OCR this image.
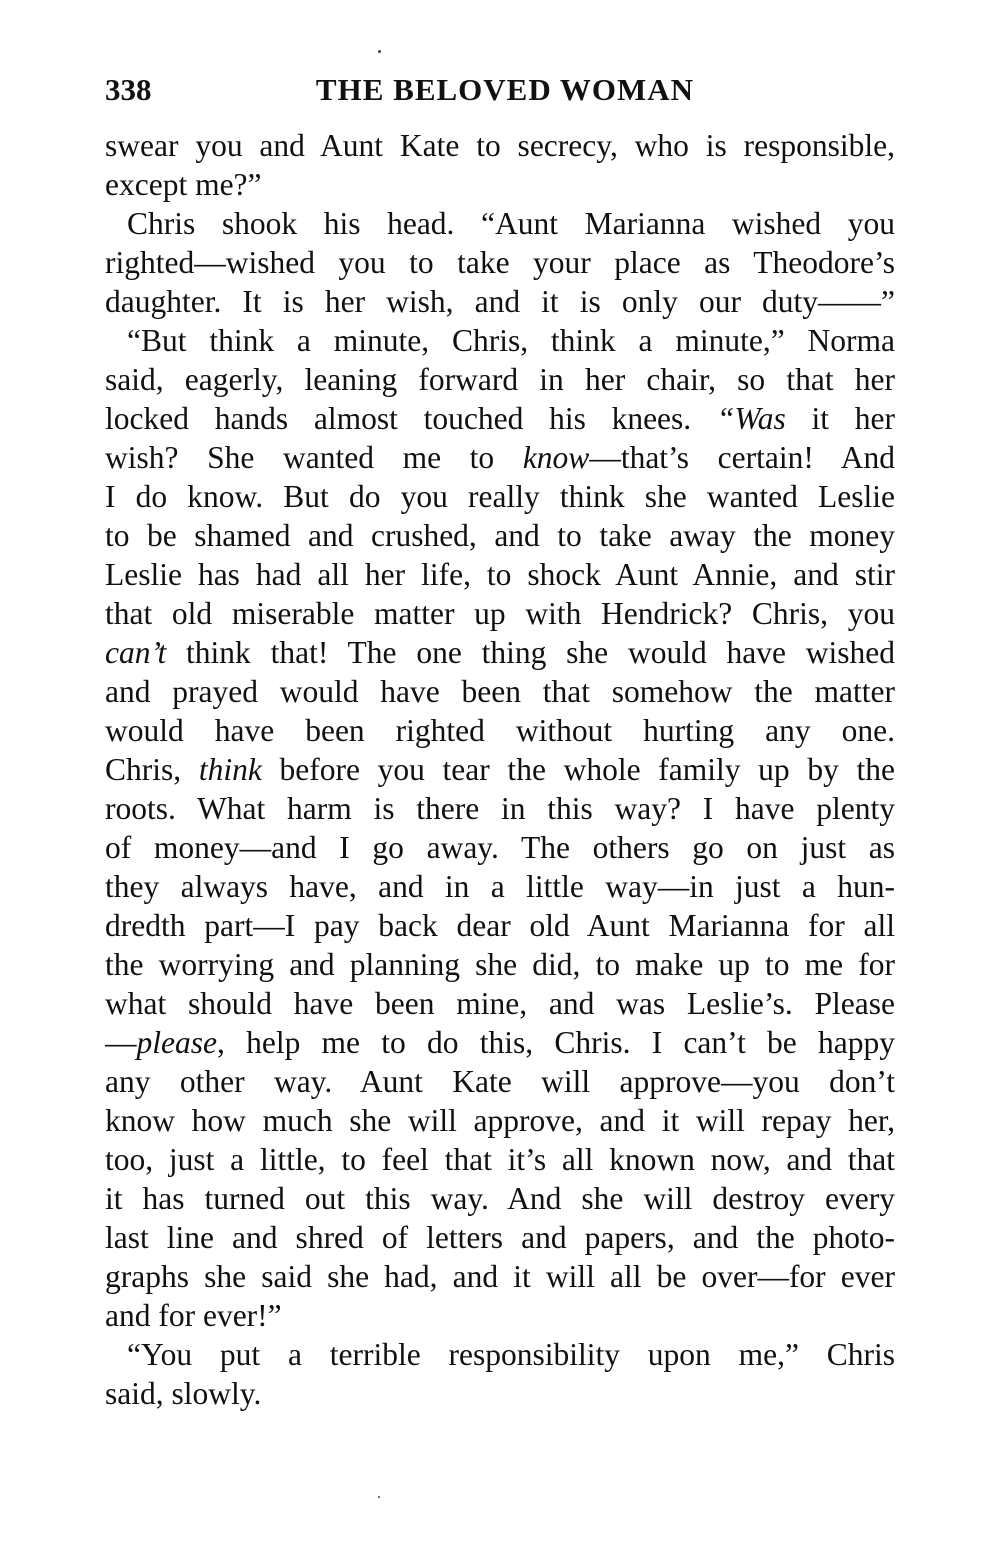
338	THE BELOVED WOMAN
swear you and Aunt Kate to secrecy, who is responsible,
except me?”
Chris shook his head. “Aunt Marianna wished you
righted—wished you to take your place as Theodore’s
daughter. It is her wish, and it is only our duty——”
“But think a minute, Chris, think a minute,” Norma
said, eagerly, leaning forward in her chair, so that her
locked hands almost touched his knees. “Was it her
wish? She wanted me to know—that’s certain! And
I do know. But do you really think she wanted Leslie
to be shamed and crushed, and to take away the money
Leslie has had all her life, to shock Aunt Annie, and stir
that old miserable matter up with Hendrick? Chris, you
can’t think that! The one thing she would have wished
and prayed would have been that somehow the matter
would have been righted without hurting any one.
Chris, think before you tear the whole family up by the
roots. What harm is there in this way? I have plenty
of money—and I go away. The others go on just as
they always have, and in a little way—in just a hun-
dredth part—I pay back dear old Aunt Marianna for all
the worrying and planning she did, to make up to me for
what should have been mine, and was Leslie’s. Please
—please, help me to do this, Chris. I can’t be happy
any other way. Aunt Kate will approve—you don’t
know how much she will approve, and it will repay her,
too, just a little, to feel that it’s all known now, and that
it has turned out this way. And she will destroy every
last line and shred of letters and papers, and the photo-
graphs she said she had, and it will all be over—for ever
and for ever!”
“You put a terrible responsibility upon me,” Chris
said, slowly.
